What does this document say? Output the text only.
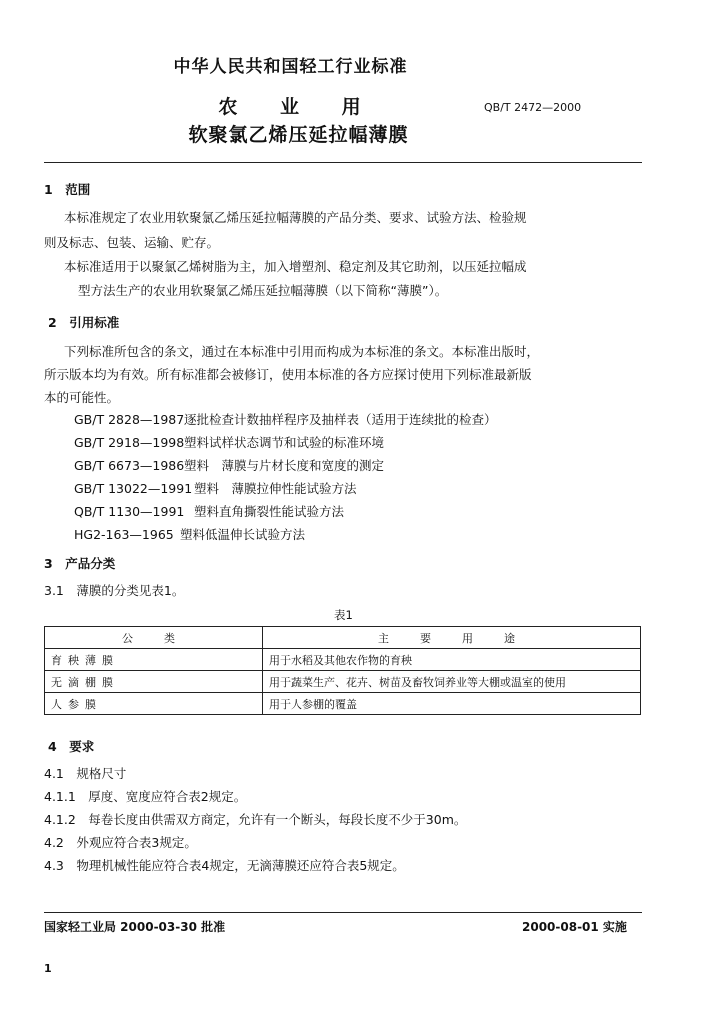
中华人民共和国轻工行业标准
农 业 用
软聚氯乙烯压延拉幅薄膜
QB/T 2472—2000
1　范围
本标准规定了农业用软聚氯乙烯压延拉幅薄膜的产品分类、要求、试验方法、检验规
则及标志、包装、运输、贮存。
本标准适用于以聚氯乙烯树脂为主，加入增塑剂、稳定剂及其它助剂，以压延拉幅成
型方法生产的农业用软聚氯乙烯压延拉幅薄膜（以下简称“薄膜”）。
2　引用标准
下列标准所包含的条文，通过在本标准中引用而构成为本标准的条文。本标准出版时，
所示版本均为有效。所有标准都会被修订，使用本标准的各方应探讨使用下列标准最新版
本的可能性。
GB/T 2828—1987逐批检查计数抽样程序及抽样表（适用于连续批的检查）
GB/T 2918—1998塑料试样状态调节和试验的标准环境
GB/T 6673—1986塑料　薄膜与片材长度和宽度的测定
GB/T 13022—1991 塑料　薄膜拉伸性能试验方法
QB/T 1130—1991 塑料直角撕裂性能试验方法
HG2-163—1965 塑料低温伸长试验方法
3　产品分类
3.1　薄膜的分类见表1。
表1
公　类	主　要　用　途
育秧薄膜	用于水稻及其他农作物的育秧
无滴棚膜	用于蔬菜生产、花卉、树苗及畜牧饲养业等大棚或温室的使用
人参膜	用于人参棚的覆盖
4　要求
4.1　规格尺寸
4.1.1　厚度、宽度应符合表2规定。
4.1.2　每卷长度由供需双方商定，允许有一个断头，每段长度不少于30m。
4.2　外观应符合表3规定。
4.3　物理机械性能应符合表4规定，无滴薄膜还应符合表5规定。
国家轻工业局 2000-03-30 批准	2000-08-01 实施
1
